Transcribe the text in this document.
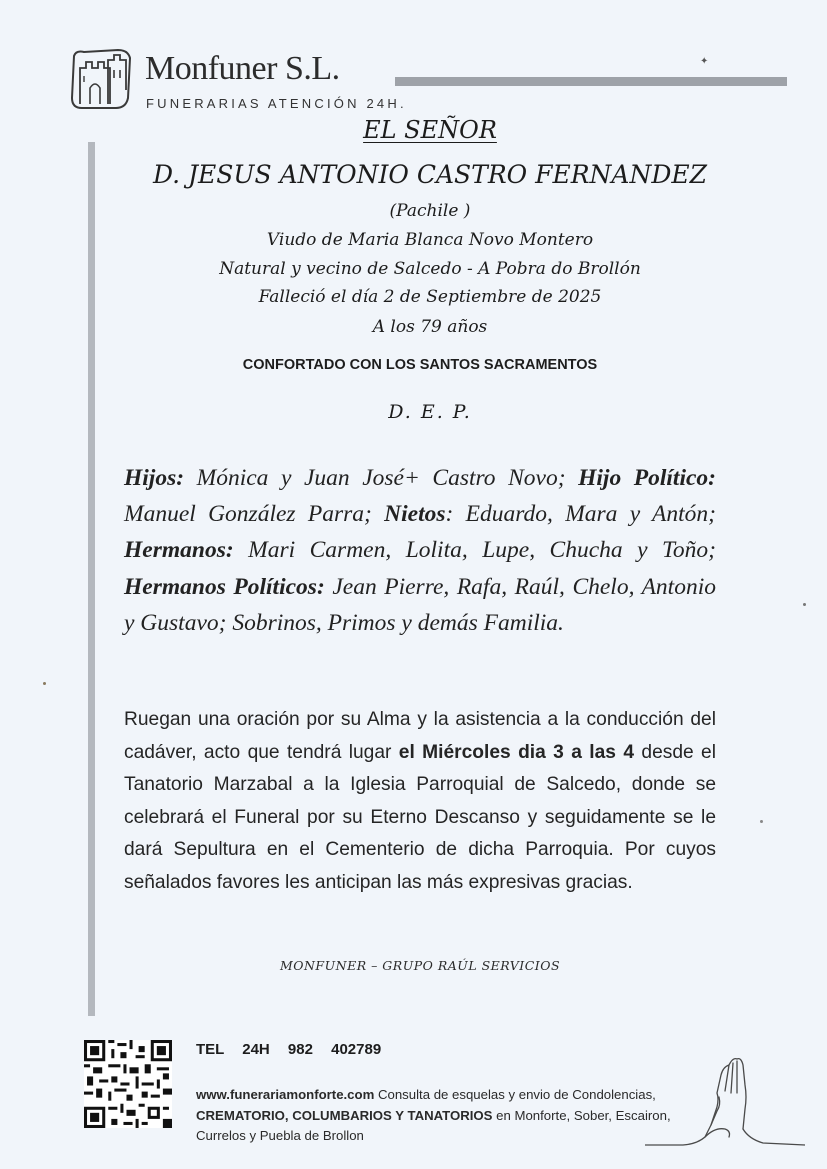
Monfuner S.L.
FUNERARIAS ATENCIÓN 24H.
EL SEÑOR
D. JESUS ANTONIO CASTRO FERNANDEZ
(Pachile )
Viudo de Maria Blanca Novo Montero
Natural y vecino de Salcedo - A Pobra do Brollón
Falleció el día 2 de Septiembre de 2025
A los 79 años
CONFORTADO CON LOS SANTOS SACRAMENTOS
D. E. P.
Hijos: Mónica y Juan José+ Castro Novo; Hijo Político: Manuel González Parra; Nietos: Eduardo, Mara y Antón; Hermanos: Mari Carmen, Lolita, Lupe, Chucha y Toño; Hermanos Políticos: Jean Pierre, Rafa, Raúl, Chelo, Antonio y Gustavo; Sobrinos, Primos y demás Familia.
Ruegan una oración por su Alma y la asistencia a la conducción del cadáver, acto que tendrá lugar el Miércoles dia 3 a las 4 desde el Tanatorio Marzabal a la Iglesia Parroquial de Salcedo, donde se celebrará el Funeral por su Eterno Descanso y seguidamente se le dará Sepultura en el Cementerio de dicha Parroquia. Por cuyos señalados favores les anticipan las más expresivas gracias.
MONFUNER – GRUPO RAÚL SERVICIOS
TEL 24H 982 402789
www.funerariamonforte.com Consulta de esquelas y envio de Condolencias, CREMATORIO, COLUMBARIOS Y TANATORIOS en Monforte, Sober, Escairon, Currelos y Puebla de Brollon
✦
